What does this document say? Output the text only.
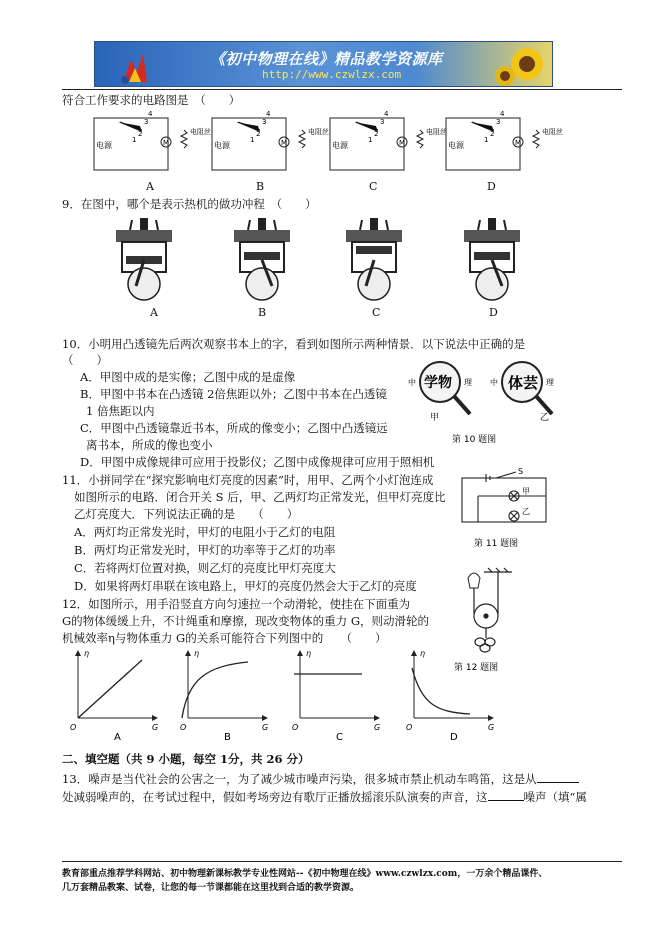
《初中物理在线》精品教学资源库
http://www.czwlzx.com
符合工作要求的电路图是　（　　）
电源	M
电阻丝
4
3
2
1
电源	M
电阻丝
4
3
2
1
电源	M
电阻丝
4
3
2
1
电源	M
电阻丝
4
3
2
1
A	B	C	D
9．在图中，哪个是表示热机的做功冲程　（　　）
A	B	C	D
10．小明用凸透镜先后两次观察书本上的字，看到如图所示两种情景．以下说法中正确的是
（　　）
A．甲图中成的是实像；乙图中成的是虚像
B．甲图中书本在凸透镜 2倍焦距以外；乙图中书本在凸透镜
1 倍焦距以内
C．甲图中凸透镜靠近书本，所成的像变小；乙图中凸透镜远
离书本，所成的像也变小
D．甲图中成像规律可应用于投影仪；乙图中成像规律可应用于照相机
中 学物 理 中 体芸 理
甲	乙
第 10 题图
11．小拼同学在“探究影响电灯亮度的因素”时，用甲、乙两个小灯泡连成
如图所示的电路．闭合开关 S 后，甲、乙两灯均正常发光，但甲灯亮度比
乙灯亮度大．下列说法正确的是　　（　　）
A．两灯均正常发光时，甲灯的电阻小于乙灯的电阻
B．两灯均正常发光时，甲灯的功率等于乙灯的功率
C．若将两灯位置对换，则乙灯的亮度比甲灯亮度大
D．如果将两灯串联在该电路上，甲灯的亮度仍然会大于乙灯的亮度
S
甲
乙
第 11 题图
12．如图所示，用手沿竖直方向匀速拉一个动滑轮，使挂在下面重为
G的物体缓缓上升，不计绳重和摩擦，现改变物体的重力 G，则动滑轮的
机械效率η与物体重力 G的关系可能符合下列图中的　　（　　）
第 12 题图
η
G
O
A
η
G
O
B
η
G
O
C
η
G
O
D
二、填空题（共 9 小题，每空 1分，共 26 分）
13．噪声是当代社会的公害之一，为了减少城市噪声污染，很多城市禁止机动车鸣笛，这是从
处减弱噪声的，在考试过程中，假如考场旁边有歌厅正播放摇滚乐队演奏的声音，这	噪声（填“属
教育部重点推荐学科网站、初中物理新课标教学专业性网站--《初中物理在线》www.czwlzx.com，一万余个精品课件、
几万套精品教案、试卷，让您的每一节课都能在这里找到合适的教学资源。
